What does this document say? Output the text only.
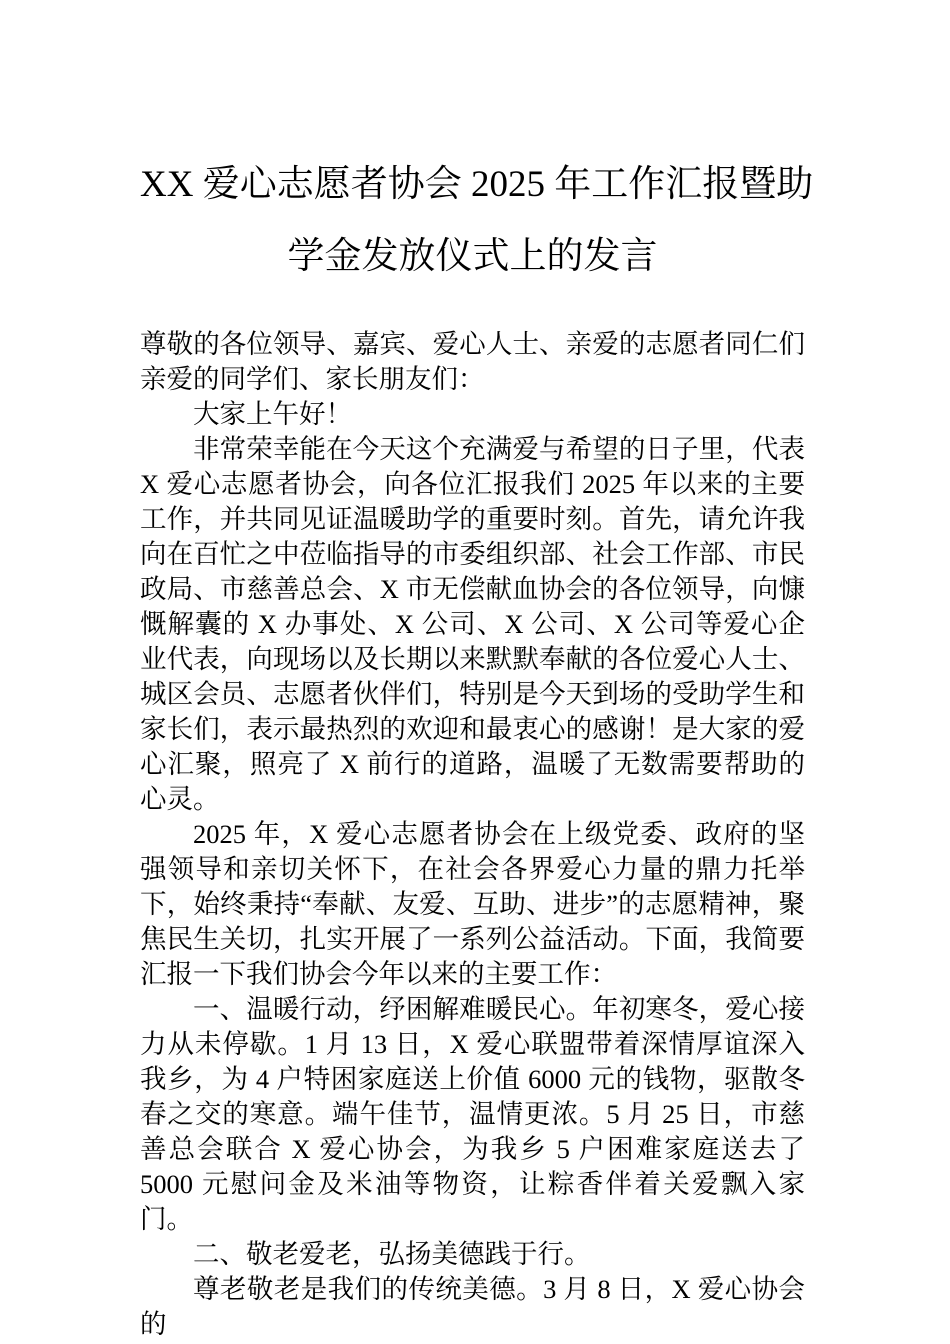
XX 爱心志愿者协会 2025 年工作汇报暨助
学金发放仪式上的发言

尊敬的各位领导、嘉宾、爱心人士、亲爱的志愿者同仁们亲爱的同学们、家长朋友们：

大家上午好！

非常荣幸能在今天这个充满爱与希望的日子里，代表 X 爱心志愿者协会，向各位汇报我们 2025 年以来的主要工作，并共同见证温暖助学的重要时刻。首先，请允许我向在百忙之中莅临指导的市委组织部、社会工作部、市民政局、市慈善总会、X 市无偿献血协会的各位领导，向慷慨解囊的 X 办事处、X 公司、X 公司、X 公司等爱心企业代表，向现场以及长期以来默默奉献的各位爱心人士、城区会员、志愿者伙伴们，特别是今天到场的受助学生和家长们，表示最热烈的欢迎和最衷心的感谢！是大家的爱心汇聚，照亮了 X 前行的道路，温暖了无数需要帮助的心灵。

2025 年，X 爱心志愿者协会在上级党委、政府的坚强领导和亲切关怀下，在社会各界爱心力量的鼎力托举下，始终秉持“奉献、友爱、互助、进步”的志愿精神，聚焦民生关切，扎实开展了一系列公益活动。下面，我简要汇报一下我们协会今年以来的主要工作：

一、温暖行动，纾困解难暖民心。年初寒冬，爱心接力从未停歇。1 月 13 日，X 爱心联盟带着深情厚谊深入我乡，为 4 户特困家庭送上价值 6000 元的钱物，驱散冬春之交的寒意。端午佳节，温情更浓。5 月 25 日，市慈善总会联合 X 爱心协会，为我乡 5 户困难家庭送去了 5000 元慰问金及米油等物资，让粽香伴着关爱飘入家门。

二、敬老爱老，弘扬美德践于行。

尊老敬老是我们的传统美德。3 月 8 日，X 爱心协会的
